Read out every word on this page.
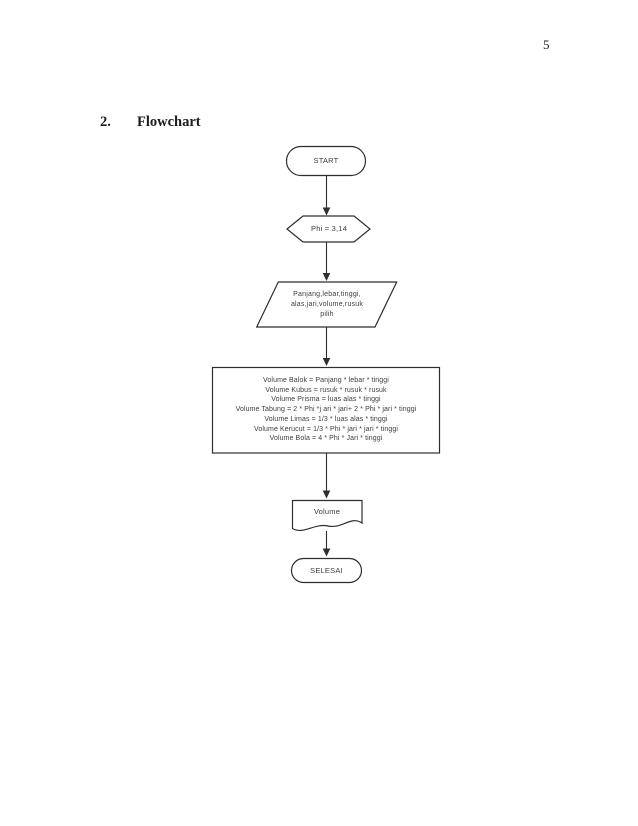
5
2. Flowchart
START
Phi = 3,14
Panjang,lebar,tinggi,
alas,jari,volume,rusuk
pilih
Volume Balok = Panjang * lebar * tinggi
Volume Kubus = rusuk * rusuk * rusuk
Volume Prisma = luas alas * tinggi
Volume Tabung = 2 * Phi *j ari * jari+ 2 * Phi * jari * tinggi
Volume Limas = 1/3 * luas alas * tinggi
Volume Kerucut = 1/3 * Phi * jari * jari * tinggi
Volume Bola = 4 * Phi * Jari * tinggi
Volume
SELESAI
